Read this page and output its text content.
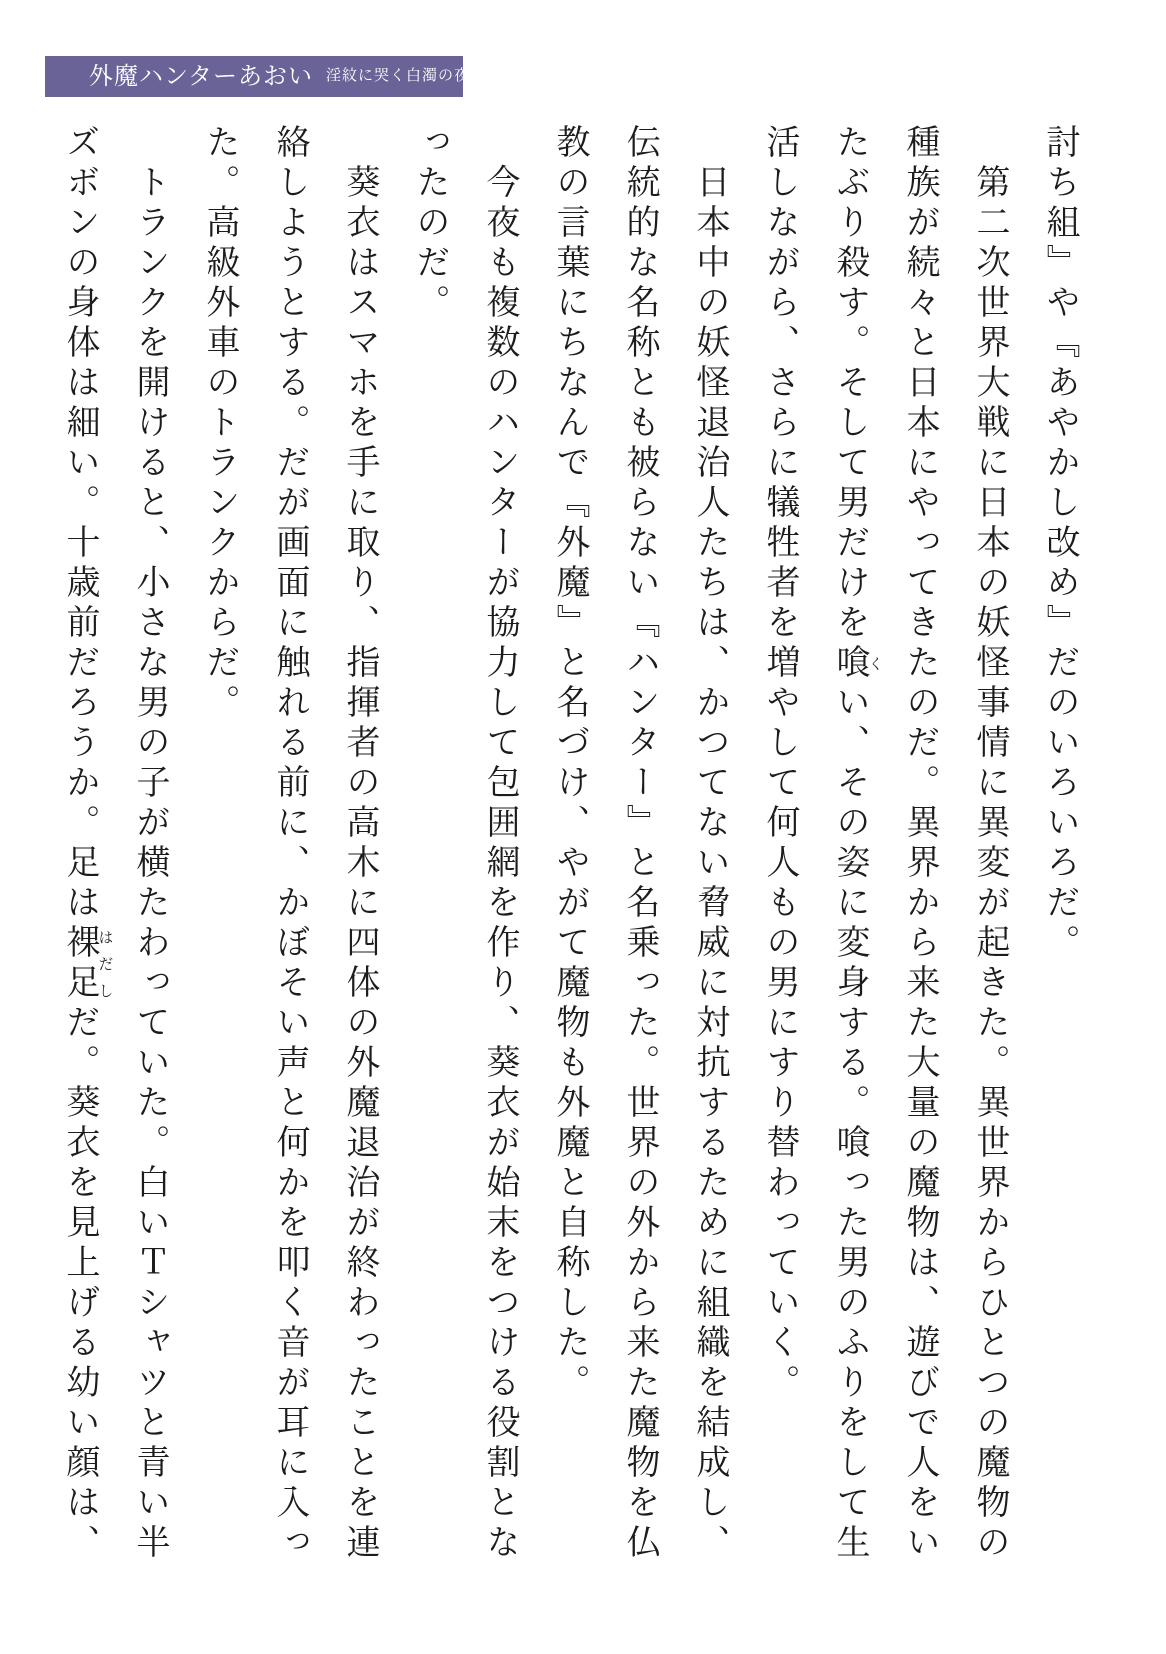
外魔ハンターあおい 淫紋に哭く白濁の夜

討ち組』や『あやかし改め』だのいろいろだ。

　第二次世界大戦に日本の妖怪事情に異変が起きた。異世界からひとつの魔物の種族が続々と日本にやってきたのだ。異界から来た大量の魔物は、遊びで人をいたぶり殺す。そして男だけを喰くい、その姿に変身する。喰った男のふりをして生活しながら、さらに犠牲者を増やして何人もの男にすり替わっていく。

　日本中の妖怪退治人たちは、かつてない脅威に対抗するために組織を結成し、伝統的な名称とも被らない『ハンター』と名乗った。世界の外から来た魔物を仏教の言葉にちなんで『外魔』と名づけ、やがて魔物も外魔と自称した。

　今夜も複数のハンターが協力して包囲網を作り、葵衣が始末をつける役割となったのだ。

　葵衣はスマホを手に取り、指揮者の高木に四体の外魔退治が終わったことを連絡しようとする。だが画面に触れる前に、かぼそい声と何かを叩く音が耳に入った。高級外車のトランクからだ。

　トランクを開けると、小さな男の子が横たわっていた。白いＴシャツと青い半ズボンの身体は細い。十歳前だろうか。足は裸足はだしだ。葵衣を見上げる幼い顔は、
